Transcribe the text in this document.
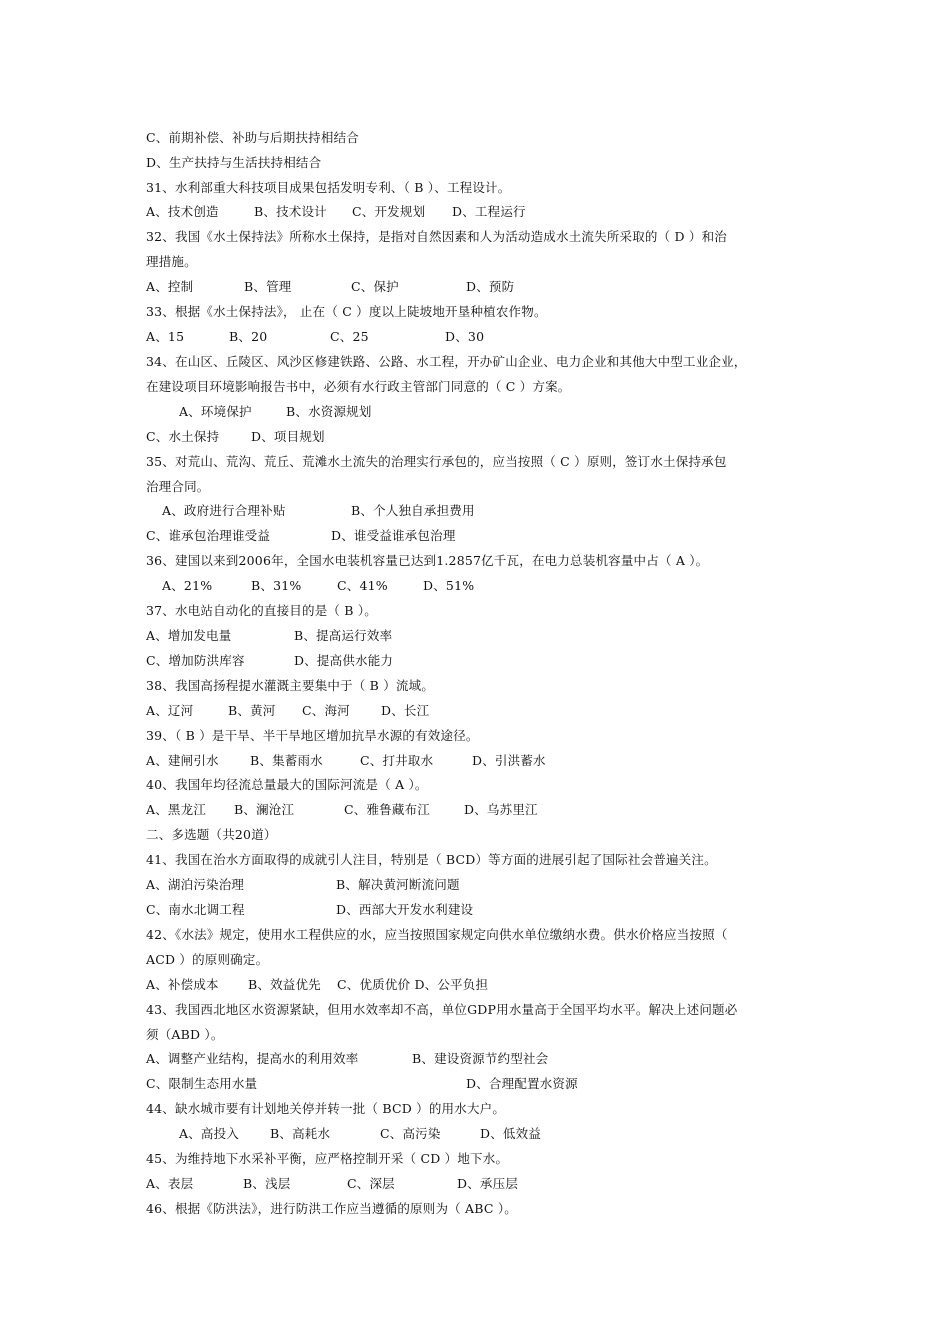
C、前期补偿、补助与后期扶持相结合
D、生产扶持与生活扶持相结合
31、水利部重大科技项目成果包括发明专利、（ B ）、工程设计。
A、技术创造	B、技术设计 C、开发规划 D、工程运行
32、我国《水土保持法》所称水土保持，是指对自然因素和人为活动造成水土流失所采取的（ D ）和治
理措施。
A、控制	B、管理	C、保护	D、预防
33、根据《水土保持法》， 止在（ C ）度以上陡坡地开垦种植农作物。
A、15	B、20	C、25	D、30
34、在山区、丘陵区、风沙区修建铁路、公路、水工程，开办矿山企业、电力企业和其他大中型工业企业，
在建设项目环境影响报告书中，必须有水行政主管部门同意的（ C ）方案。
A、环境保护	B、水资源规划
C、水土保持	D、项目规划
35、对荒山、荒沟、荒丘、荒滩水土流失的治理实行承包的，应当按照（ C ）原则，签订水土保持承包
治理合同。
A、政府进行合理补贴	B、个人独自承担费用
C、谁承包治理谁受益	D、谁受益谁承包治理
36、建国以来到2006年，全国水电装机容量已达到1.2857亿千瓦，在电力总装机容量中占（ A ）。
A、21%	B、31%	C、41%	D、51%
37、水电站自动化的直接目的是（ B ）。
A、增加发电量	B、提高运行效率
C、增加防洪库容	D、提高供水能力
38、我国高扬程提水灌溉主要集中于（ B ）流域。
A、辽河	B、黄河 C、海河 D、长江
39、（ B ）是干旱、半干旱地区增加抗旱水源的有效途径。
A、建闸引水	B、集蓄雨水	C、打井取水	D、引洪蓄水
40、我国年均径流总量最大的国际河流是（ A ）。
A、黑龙江 B、澜沧江	C、雅鲁藏布江	D、乌苏里江
二、多选题（共20道）
41、我国在治水方面取得的成就引人注目，特别是（ BCD）等方面的进展引起了国际社会普遍关注。
A、湖泊污染治理	B、解决黄河断流问题
C、南水北调工程	D、西部大开发水利建设
42、《水法》规定，使用水工程供应的水，应当按照国家规定向供水单位缴纳水费。供水价格应当按照（
ACD ）的原则确定。
A、补偿成本 B、效益优先 C、优质优价 D、公平负担
43、我国西北地区水资源紧缺，但用水效率却不高，单位GDP用水量高于全国平均水平。解决上述问题必
须（ABD ）。
A、调整产业结构，提高水的利用效率	B、建设资源节约型社会
C、限制生态用水量	D、合理配置水资源
44、缺水城市要有计划地关停并转一批（ BCD ）的用水大户。
A、高投入 B、高耗水	C、高污染	D、低效益
45、为维持地下水采补平衡，应严格控制开采（ CD ）地下水。
A、表层	B、浅层	C、深层	D、承压层
46、根据《防洪法》，进行防洪工作应当遵循的原则为（ ABC ）。
